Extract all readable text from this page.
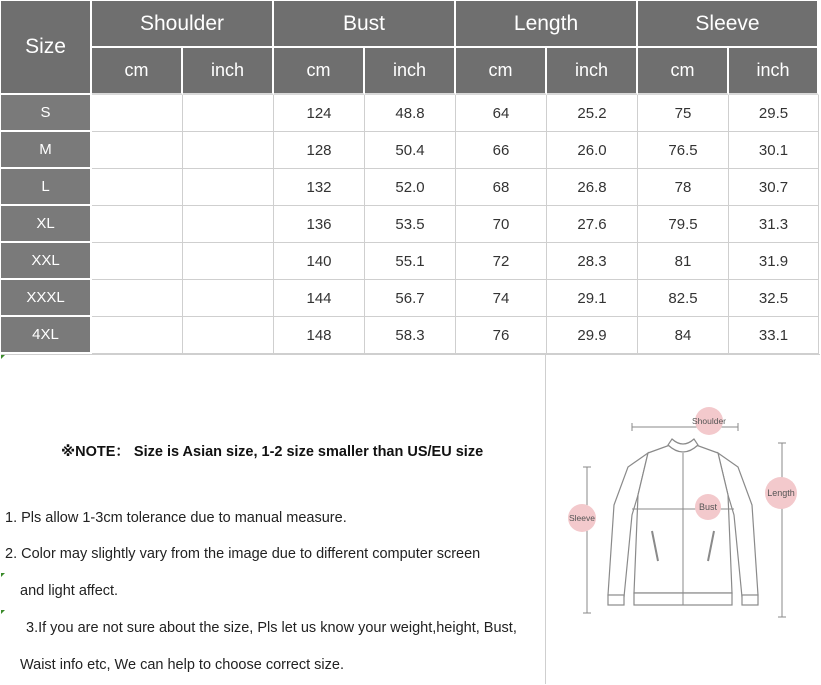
Size	Shoulder		Bust		Length		Sleeve	
	cm	inch	cm	inch	cm	inch	cm	inch
S			124	48.8	64	25.2	75	29.5
M			128	50.4	66	26.0	76.5	30.1
L			132	52.0	68	26.8	78	30.7
XL			136	53.5	70	27.6	79.5	31.3
XXL			140	55.1	72	28.3	81	31.9
XXXL			144	56.7	74	29.1	82.5	32.5
4XL			148	58.3	76	29.9	84	33.1
※NOTE： Size is Asian size, 1-2 size smaller than US/EU size
1. Pls allow 1-3cm tolerance due to manual measure.
2. Color may slightly vary from the image due to different computer screen
and light affect.
3.If you are not sure about the size, Pls let us know your weight,height, Bust,
Waist info etc, We can help to choose correct size.
Shoulder
Bust
Sleeve
Length
